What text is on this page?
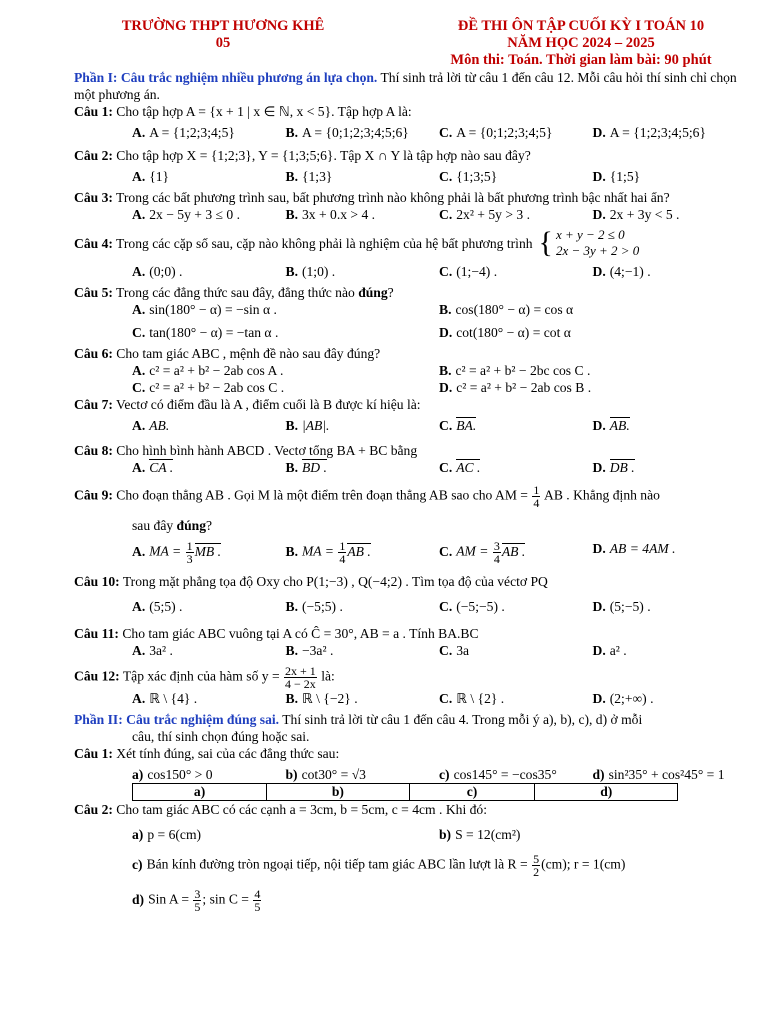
TRƯỜNG THPT HƯƠNG KHÊ
05
ĐỀ THI ÔN TẬP CUỐI KỲ I TOÁN 10
NĂM HỌC 2024 – 2025
Môn thi: Toán. Thời gian làm bài: 90 phút

Phần I: Câu trắc nghiệm nhiều phương án lựa chọn. Thí sinh trả lời từ câu 1 đến câu 12. Mỗi câu hỏi thí sinh chỉ chọn một phương án.

Câu 1: Cho tập hợp A = {x + 1 | x ∈ ℕ, x < 5}. Tập hợp A là:

A. A = {1;2;3;4;5}	B. A = {0;1;2;3;4;5;6}	C. A = {0;1;2;3;4;5}	D. A = {1;2;3;4;5;6}

Câu 2: Cho tập hợp X = {1;2;3}, Y = {1;3;5;6}. Tập X ∩ Y là tập hợp nào sau đây?

A. {1}	B. {1;3}	C. {1;3;5}	D. {1;5}

Câu 3: Trong các bất phương trình sau, bất phương trình nào không phải là bất phương trình bậc nhất hai ẩn?

A. 2x − 5y + 3 ≤ 0 .	B. 3x + 0.x > 4 .	C. 2x² + 5y > 3 .	D. 2x + 3y < 5 .

Câu 4: Trong các cặp số sau, cặp nào không phải là nghiệm của hệ bất phương trình { x + y − 2 ≤ 0
2x − 3y + 2 > 0

A. (0;0) .	B. (1;0) .	C. (1;−4) .	D. (4;−1) .

Câu 5: Trong các đẳng thức sau đây, đẳng thức nào đúng?

A. sin(180° − α) = −sin α .	B. cos(180° − α) = cos α
C. tan(180° − α) = −tan α .	D. cot(180° − α) = cot α

Câu 6: Cho tam giác ABC , mệnh đề nào sau đây đúng?

A. c² = a² + b² − 2ab cos A .	B. c² = a² + b² − 2bc cos C .
C. c² = a² + b² − 2ab cos C .	D. c² = a² + b² − 2ab cos B .

Câu 7: Vectơ có điểm đầu là A , điểm cuối là B được kí hiệu là:

A. AB.	B. |AB|.	C. BA.	D. AB.

Câu 8: Cho hình bình hành ABCD . Vectơ tổng BA + BC bằng

A. CA .	B. BD .	C. AC .	D. DB .

Câu 9: Cho đoạn thẳng AB . Gọi M là một điểm trên đoạn thẳng AB sao cho AM = $\frac{1}{4}$ AB . Khẳng định nào

sau đây đúng?

A. MA = $\frac{1}{3}$ MB .	B. MA = $\frac{1}{4}$ AB .	C. AM = $\frac{3}{4}$ AB .	D. AB = 4AM .

Câu 10: Trong mặt phẳng tọa độ Oxy cho P(1;−3) , Q(−4;2) . Tìm tọa độ của véctơ PQ

A. (5;5) .	B. (−5;5) .	C. (−5;−5) .	D. (5;−5) .

Câu 11: Cho tam giác ABC vuông tại A có Ĉ = 30°, AB = a . Tính BA.BC

A. 3a² .	B. −3a² .	C. 3a	D. a² .

Câu 12: Tập xác định của hàm số $y = \frac{2x + 1}{4 - 2x}$ là:

A. ℝ \ {4} .	B. ℝ \ {−2} .	C. ℝ \ {2} .	D. (2;+∞) .

Phần II: Câu trắc nghiệm đúng sai. Thí sinh trả lời từ câu 1 đến câu 4. Trong mỗi ý a), b), c), d) ở mỗi

câu, thí sinh chọn đúng hoặc sai.

Câu 1: Xét tính đúng, sai của các đẳng thức sau:

a) cos150° > 0	b) cot30° = √3	c) cos145° = −cos35°	d) sin²35° + cos²45° = 1
a)	b)	c)	d)

Câu 2: Cho tam giác ABC có các cạnh a = 3cm, b = 5cm, c = 4cm . Khi đó:

a) p = 6(cm)	b) S = 12(cm²)

c) Bán kính đường tròn ngoại tiếp, nội tiếp tam giác ABC lần lượt là $R = \frac{5}{2} (cm)$; r = 1(cm)

d) Sin $A = \frac{3}{5}$ ; $\sin C = \frac{4}{5}$
